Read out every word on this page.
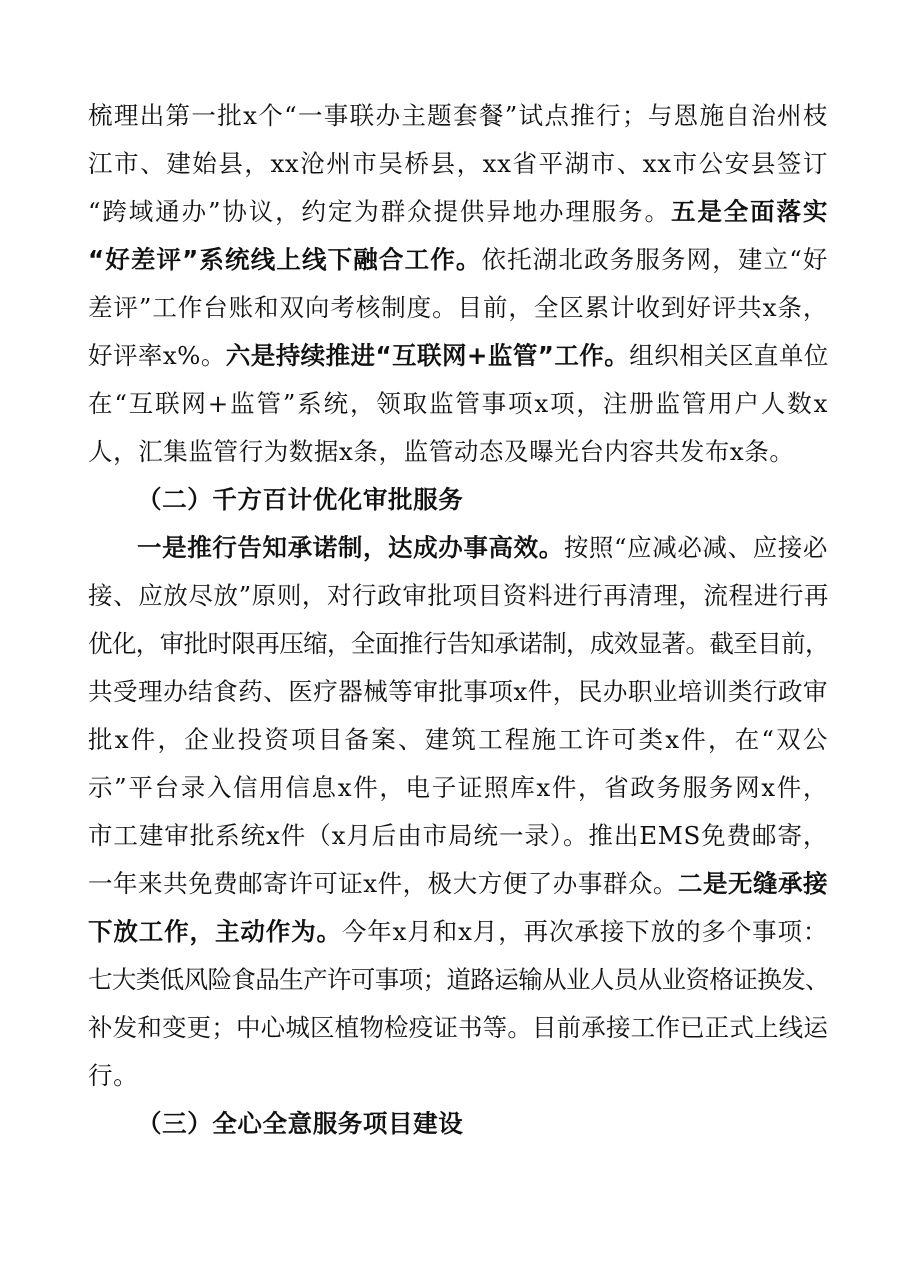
梳理出第一批x个“一事联办主题套餐”试点推行；与恩施自治州枝
江市、建始县，xx沧州市吴桥县，xx省平湖市、xx市公安县签订
“跨域通办”协议，约定为群众提供异地办理服务。五是全面落实
“好差评”系统线上线下融合工作。依托湖北政务服务网，建立“好
差评”工作台账和双向考核制度。目前，全区累计收到好评共x条，
好评率x%。六是持续推进“互联网+监管”工作。组织相关区直单位
在“互联网+监管”系统，领取监管事项x项，注册监管用户人数x
人，汇集监管行为数据x条，监管动态及曝光台内容共发布x条。
（二）千方百计优化审批服务
一是推行告知承诺制，达成办事高效。按照“应减必减、应接必
接、应放尽放”原则，对行政审批项目资料进行再清理，流程进行再
优化，审批时限再压缩，全面推行告知承诺制，成效显著。截至目前，
共受理办结食药、医疗器械等审批事项x件，民办职业培训类行政审
批x件，企业投资项目备案、建筑工程施工许可类x件，在“双公
示”平台录入信用信息x件，电子证照库x件，省政务服务网x件，
市工建审批系统x件（x月后由市局统一录）。推出EMS免费邮寄，
一年来共免费邮寄许可证x件，极大方便了办事群众。二是无缝承接
下放工作，主动作为。今年x月和x月，再次承接下放的多个事项：
七大类低风险食品生产许可事项；道路运输从业人员从业资格证换发、
补发和变更；中心城区植物检疫证书等。目前承接工作已正式上线运
行。
（三）全心全意服务项目建设
